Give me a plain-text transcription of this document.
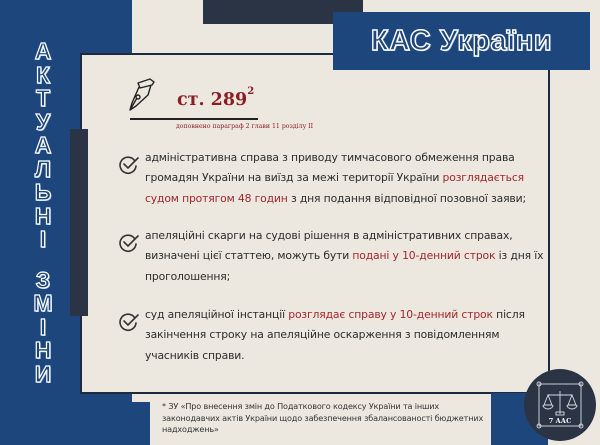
КАС України
А
К
Т
У
А
Л
Ь
Н
І
З
М
І
Н
И
ст. $289^2$
доповнено параграф 2 глави 11 розділу ІІ
адміністративна справа з приводу тимчасового обмеження права громадян України на виїзд за межі території України розглядається судом протягом 48 годин з дня подання відповідної позовної заяви;
апеляційні скарги на судові рішення в адміністративних справах, визначені цієї статтею, можуть бути подані у 10-денний строк із дня їх проголошення;
суд апеляційної інстанції розглядає справу у 10-денний строк після закінчення строку на апеляційне оскарження з повідомленням учасників справи.
* ЗУ «Про внесення змін до Податкового кодексу України та інших законодавчих актів України щодо забезпечення збалансованості бюджетних надходжень»
7 ААС
